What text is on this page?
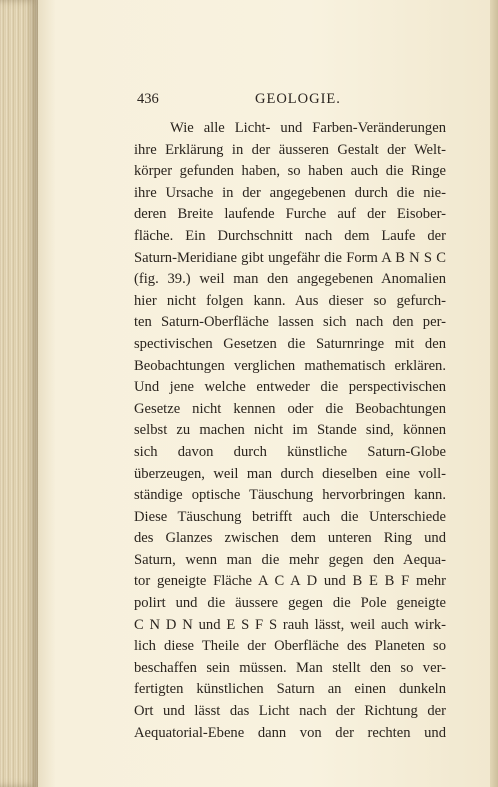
436	GEOLOGIE.
Wie alle Licht- und Farben-Veränderungen
ihre Erklärung in der äusseren Gestalt der Welt-
körper gefunden haben, so haben auch die Ringe
ihre Ursache in der angegebenen durch die nie-
deren Breite laufende Furche auf der Eisober-
fläche. Ein Durchschnitt nach dem Laufe der
Saturn-Meridiane gibt ungefähr die Form A B N S C
(fig. 39.) weil man den angegebenen Anomalien
hier nicht folgen kann. Aus dieser so gefurch-
ten Saturn-Oberfläche lassen sich nach den per-
spectivischen Gesetzen die Saturnringe mit den
Beobachtungen verglichen mathematisch erklären.
Und jene welche entweder die perspectivischen
Gesetze nicht kennen oder die Beobachtungen
selbst zu machen nicht im Stande sind, können
sich davon durch künstliche Saturn-Globe
überzeugen, weil man durch dieselben eine voll-
ständige optische Täuschung hervorbringen kann.
Diese Täuschung betrifft auch die Unterschiede
des Glanzes zwischen dem unteren Ring und
Saturn, wenn man die mehr gegen den Aequa-
tor geneigte Fläche A C A D und B E B F mehr
polirt und die äussere gegen die Pole geneigte
C N D N und E S F S rauh lässt, weil auch wirk-
lich diese Theile der Oberfläche des Planeten so
beschaffen sein müssen. Man stellt den so ver-
fertigten künstlichen Saturn an einen dunkeln
Ort und lässt das Licht nach der Richtung der
Aequatorial-Ebene dann von der rechten und
